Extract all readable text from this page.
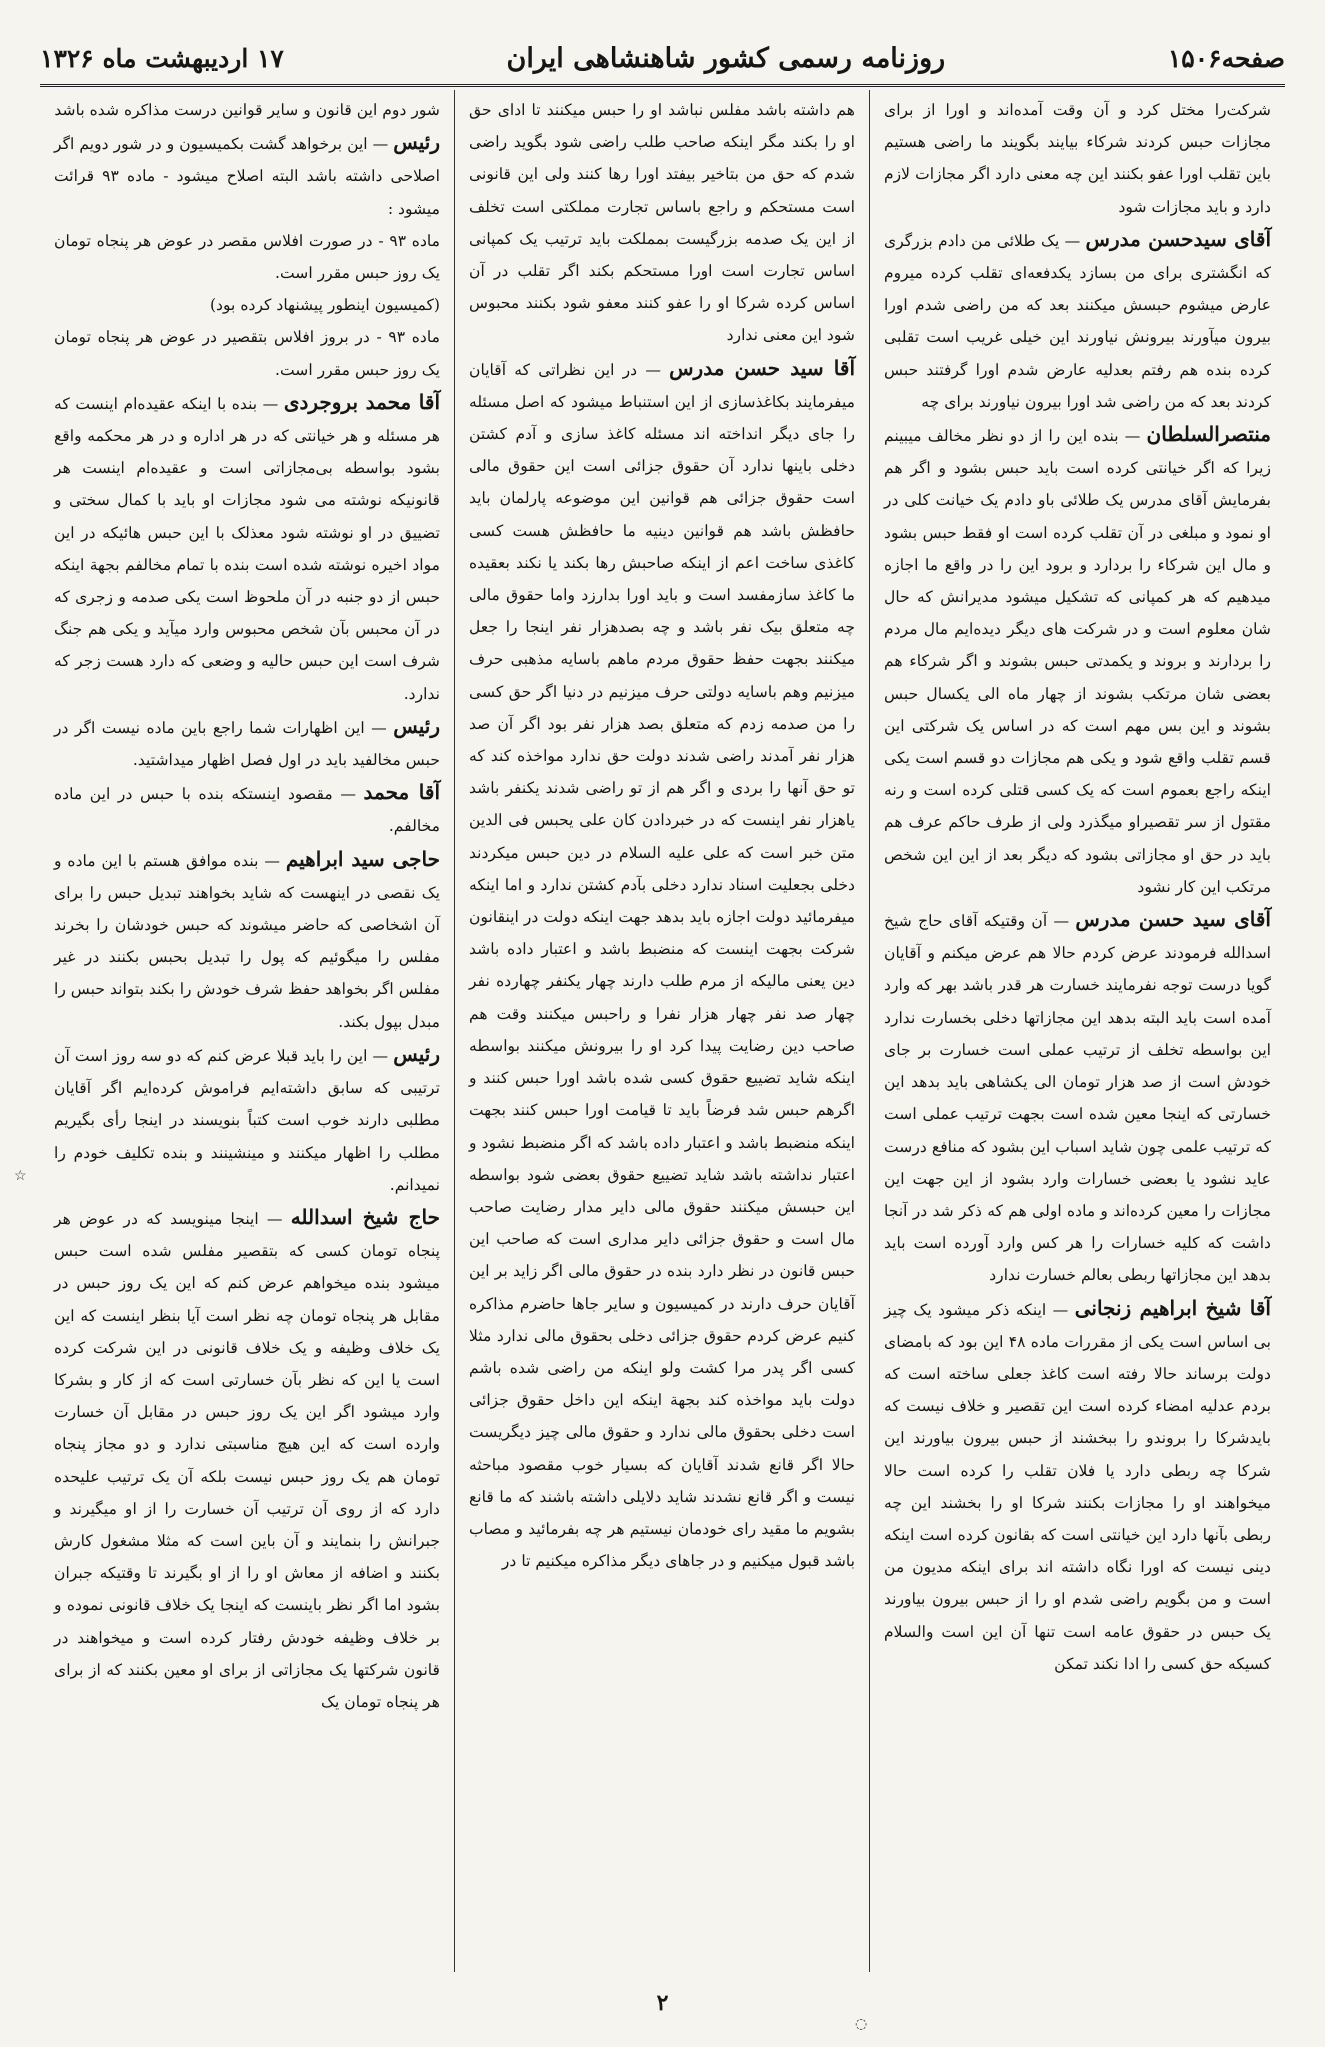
صفحه۱۵۰۶
روزنامه رسمی کشور شاهنشاهی ایران
۱۷ اردیبهشت ماه ۱۳۲۶

شرکت‌را مختل کرد و آن وقت آمده‌اند و اورا از برای مجازات حبس کردند شرکاء بیایند بگویند ما راضی هستیم باین تقلب اورا عفو بکنند این چه معنی دارد اگر مجازات لازم دارد و باید مجازات شود

آقای سیدحسن مدرس — یک طلائی من دادم بزرگری که انگشتری برای من بسازد یکدفعه‌ای تقلب کرده میروم عارض میشوم حبسش میکنند بعد که من راضی شدم اورا بیرون میآورند بیرونش نیاورند این خیلی غریب است تقلبی کرده بنده هم رفتم بعدلیه عارض شدم اورا گرفتند حبس کردند بعد که من راضی شد اورا بیرون نیاورند برای چه

منتصرالسلطان — بنده این را از دو نظر مخالف میبینم زیرا که اگر خیانتی کرده است باید حبس بشود و اگر هم بفرمایش آقای مدرس یک طلائی باو دادم یک خیانت کلی در او نمود و مبلغی در آن تقلب کرده است او فقط حبس بشود و مال این شرکاء را بردارد و برود این را در واقع ما اجازه میدهیم که هر کمپانی که تشکیل میشود مدیرانش که حال شان معلوم است و در شرکت های دیگر دیده‌ایم مال مردم را بردارند و بروند و یکمدتی حبس بشوند و اگر شرکاء هم بعضی شان مرتکب بشوند از چهار ماه الی یکسال حبس بشوند و این بس مهم است که در اساس یک شرکتی این قسم تقلب واقع شود و یکی هم مجازات دو قسم است یکی اینکه راجع بعموم است که یک کسی قتلی کرده است و رنه مقتول از سر تقصیراو میگذرد ولی از طرف حاکم عرف هم باید در حق او مجازاتی بشود که دیگر بعد از این این شخص مرتکب این کار نشود

آقای سید حسن مدرس — آن وقتیکه آقای حاج شیخ اسدالله فرمودند عرض کردم حالا هم عرض میکنم و آقایان گویا درست توجه نفرمایند خسارت هر قدر باشد بهر که وارد آمده است باید البته بدهد این مجازاتها دخلی بخسارت ندارد این بواسطه تخلف از ترتیب عملی است خسارت بر جای خودش است از صد هزار تومان الی یکشاهی باید بدهد این خسارتی که اینجا معین شده است بجهت ترتیب عملی است که ترتیب علمی چون شاید اسباب این بشود که منافع درست عاید نشود یا بعضی خسارات وارد بشود از این جهت این مجازات را معین کرده‌اند و ماده اولی هم که ذکر شد در آنجا داشت که کلیه خسارات را هر کس وارد آورده است باید بدهد این مجازاتها ربطی بعالم خسارت ندارد

آقا شیخ ابراهیم زنجانی — اینکه ذکر میشود یک چیز بی اساس است یکی از مقررات ماده ۴۸ این بود که بامضای دولت برساند حالا رفته است کاغذ جعلی ساخته است که بردم عدلیه امضاء کرده است این تقصیر و خلاف نیست که بایدشرکا را بروندو را ببخشند از حبس بیرون بیاورند این شرکا چه ربطی دارد یا فلان تقلب را کرده است حالا میخواهند او را مجازات بکنند شرکا او را بخشند این چه ربطی بآنها دارد این خیانتی است که بقانون کرده است اینکه دینی نیست که اورا نگاه داشته اند برای اینکه مدیون من است و من بگویم راضی شدم او را از حبس بیرون بیاورند یک حبس در حقوق عامه است تنها آن این است والسلام کسیکه حق کسی را ادا نکند تمکن

هم داشته باشد مفلس نباشد او را حبس میکنند تا ادای حق او را بکند مگر اینکه صاحب طلب راضی شود بگوید راضی شدم که حق من بتاخیر بیفتد اورا رها کنند ولی این قانونی است مستحکم و راجع باساس تجارت مملکتی است تخلف از این یک صدمه بزرگیست بمملکت باید ترتیب یک کمپانی اساس تجارت است اورا مستحکم بکند اگر تقلب در آن اساس کرده شرکا او را عفو کنند معفو شود بکنند محبوس شود این معنی ندارد

آقا سید حسن مدرس — در این نظراتی که آقایان میفرمایند بکاغذسازی از این استنباط میشود که اصل مسئله را جای دیگر انداخته اند مسئله کاغذ سازی و آدم کشتن دخلی باینها ندارد آن حقوق جزائی است این حقوق مالی است حقوق جزائی هم قوانین این موضوعه پارلمان باید حافظش باشد هم قوانین دینیه ما حافظش هست کسی کاغذی ساخت اعم از اینکه صاحبش رها بکند یا نکند بعقیده ما کاغذ سازمفسد است و باید اورا بدارزد واما حقوق مالی چه متعلق بیک نفر باشد و چه بصدهزار نفر اینجا را جعل میکنند بجهت حفظ حقوق مردم ماهم باسایه مذهبی حرف میزنیم وهم باسایه دولتی حرف میزنیم در دنیا اگر حق کسی را من صدمه زدم که متعلق بصد هزار نفر بود اگر آن صد هزار نفر آمدند راضی شدند دولت حق ندارد مواخذه کند که تو حق آنها را بردی و اگر هم از تو راضی شدند یکنفر باشد یاهزار نفر اینست که در خبردادن کان علی یحبس فی الدین متن خبر است که علی علیه السلام در دین حبس میکردند دخلی بجعلیت اسناد ندارد دخلی بآدم کشتن ندارد و اما اینکه میفرمائید دولت اجازه باید بدهد جهت اینکه دولت در اینقانون شرکت بجهت اینست که منضبط باشد و اعتبار داده باشد دین یعنی مالیکه از مرم طلب دارند چهار یکنفر چهارده نفر چهار صد نفر چهار هزار نفرا و راحبس میکنند وقت هم صاحب دین رضایت پیدا کرد او را بیرونش میکنند بواسطه اینکه شاید تضییع حقوق کسی شده باشد اورا حبس کنند و اگرهم حبس شد فرضاً باید تا قیامت اورا حبس کنند بجهت اینکه منضبط باشد و اعتبار داده باشد که اگر منضبط نشود و اعتبار نداشته باشد شاید تضییع حقوق بعضی شود بواسطه این حبسش میکنند حقوق مالی دایر مدار رضایت صاحب مال است و حقوق جزائی دایر مداری است که صاحب این حبس قانون در نظر دارد بنده در حقوق مالی اگر زاید بر این آقایان حرف دارند در کمیسیون و سایر جاها حاضرم مذاکره کنیم عرض کردم حقوق جزائی دخلی بحقوق مالی ندارد مثلا کسی اگر پدر مرا کشت ولو اینکه من راضی شده باشم دولت باید مواخذه کند بجهة اینکه این داخل حقوق جزائی است دخلی بحقوق مالی ندارد و حقوق مالی چیز دیگریست حالا اگر قانع شدند آقایان که بسیار خوب مقصود مباحثه نیست و اگر قانع نشدند شاید دلایلی داشته باشند که ما قانع بشویم ما مقید رای خودمان نیستیم هر چه بفرمائید و مصاب باشد قبول میکنیم و در جاهای دیگر مذاکره میکنیم تا در

شور دوم این قانون و سایر قوانین درست مذاکره شده باشد

رئیس — این برخواهد گشت بکمیسیون و در شور دویم اگر اصلاحی داشته باشد البته اصلاح میشود - ماده ۹۳ قرائت میشود :

ماده ۹۳ - در صورت افلاس مقصر در عوض هر پنجاه تومان یک روز حبس مقرر است.

(کمیسیون اینطور پیشنهاد کرده بود)

ماده ۹۳ - در بروز افلاس بتقصیر در عوض هر پنجاه تومان یک روز حبس مقرر است.

آقا محمد بروجردی — بنده با اینکه عقیده‌ام اینست که هر مسئله و هر خیانتی که در هر اداره و در هر محکمه واقع بشود بواسطه بی‌مجازاتی است و عقیده‌ام اینست هر قانونیکه نوشته می شود مجازات او باید با کمال سختی و تضییق در او نوشته شود معذلک با این حبس هائیکه در این مواد اخیره نوشته شده است بنده با تمام مخالفم بجهة اینکه حبس از دو جنبه در آن ملحوظ است یکی صدمه و زجری که در آن محبس بآن شخص محبوس وارد میآید و یکی هم جنگ شرف است این حبس حالیه و وضعی که دارد هست زجر که ندارد.

رئیس — این اظهارات شما راجع باین ماده نیست اگر در حبس مخالفید باید در اول فصل اظهار میداشتید.

آقا محمد — مقصود اینستکه بنده با حبس در این ماده مخالفم.

حاجی سید ابراهیم — بنده موافق هستم با این ماده و یک نقصی در اینهست که شاید بخواهند تبدیل حبس را برای آن اشخاصی که حاضر میشوند که حبس خودشان را بخرند مفلس را میگوئیم که پول را تبدیل بحبس بکنند در غیر مفلس اگر بخواهد حفظ شرف خودش را بکند بتواند حبس را مبدل بپول بکند.

رئیس — این را باید قبلا عرض کنم که دو سه روز است آن ترتیبی که سابق داشته‌ایم فراموش کرده‌ایم اگر آقایان مطلبی دارند خوب است کتباً بنویسند در اینجا رأی بگیریم مطلب را اظهار میکنند و مینشینند و بنده تکلیف خودم را نمیدانم.

حاج شیخ اسدالله — اینجا مینویسد که در عوض هر پنجاه تومان کسی که بتقصیر مفلس شده است حبس میشود بنده میخواهم عرض کنم که این یک روز حبس در مقابل هر پنجاه تومان چه نظر است آیا بنظر اینست که این یک خلاف وظیفه و یک خلاف قانونی در این شرکت کرده است یا این که نظر بآن خسارتی است که از کار و بشرکا وارد میشود اگر این یک روز حبس در مقابل آن خسارت وارده است که این هیچ مناسبتی ندارد و دو مجاز پنجاه تومان هم یک روز حبس نیست بلکه آن یک ترتیب علیحده دارد که از روی آن ترتیب آن خسارت را از او میگیرند و جبرانش را بنمایند و آن باین است که مثلا مشغول کارش بکنند و اضافه از معاش او را از او بگیرند تا وقتیکه جبران بشود اما اگر نظر باینست که اینجا یک خلاف قانونی نموده و بر خلاف وظیفه خودش رفتار کرده است و میخواهند در قانون شرکتها یک مجازاتی از برای او معین بکنند که از برای هر پنجاه تومان یک

☆
◌
۲
